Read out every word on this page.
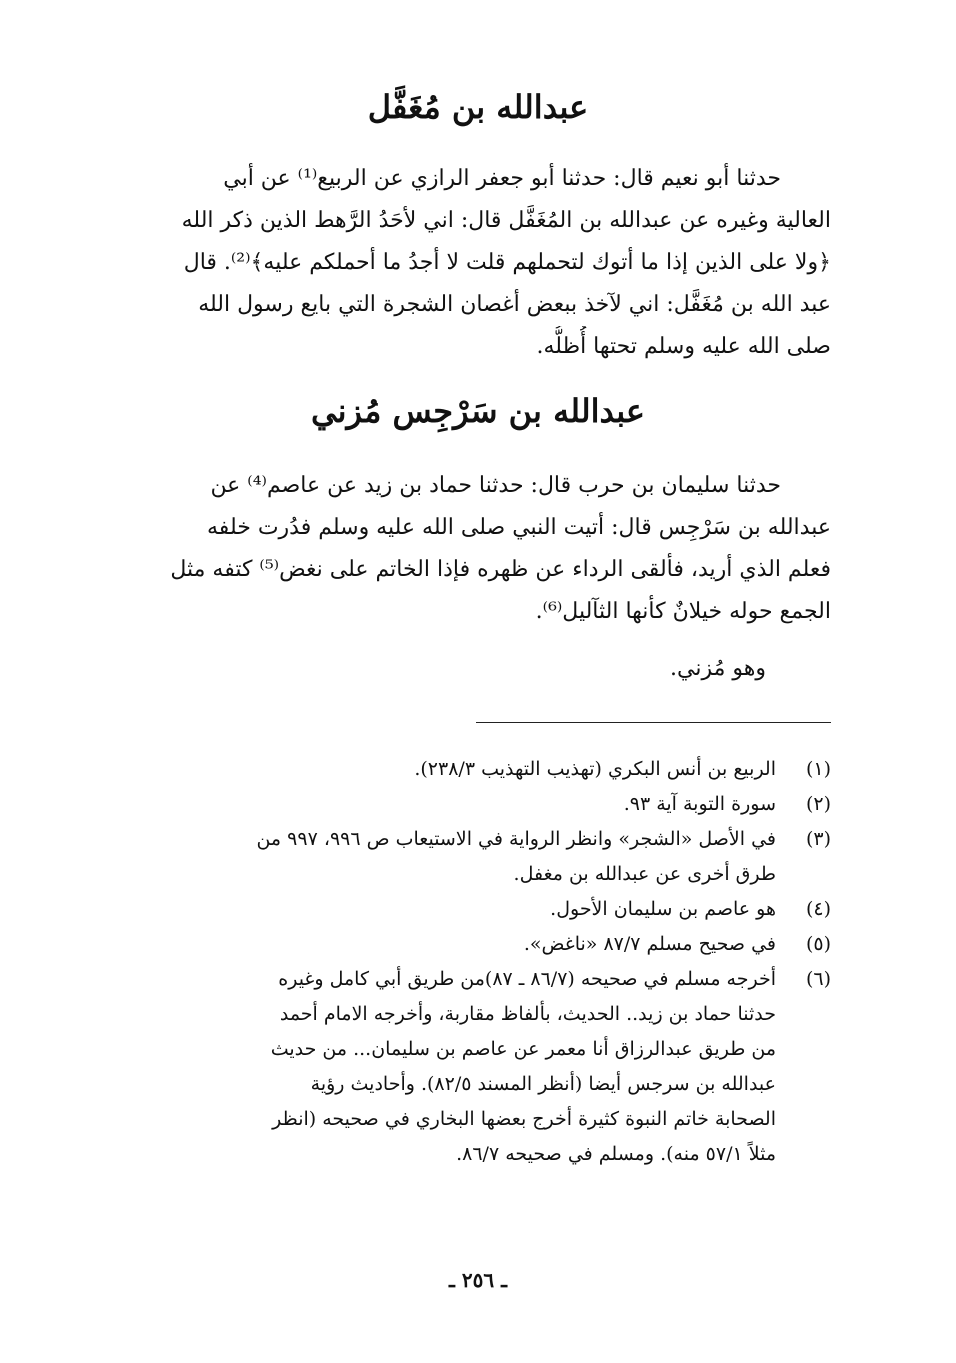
عبدالله بن مُغَفَّل
حدثنا أبو نعيم قال: حدثنا أبو جعفر الرازي عن الربيع⁽¹⁾ عن أبي
العالية وغيره عن عبدالله بن المُغَفَّل قال: اني لأحَدُ الرَّهط الذين ذكر الله
﴿ولا على الذين إذا ما أتوك لتحملهم قلت لا أجدُ ما أحملكم عليه﴾⁽²⁾. قال
عبد الله بن مُغَفَّل: اني لآخذ ببعض أغصان الشجرة التي بايع رسول الله
صلى الله عليه وسلم تحتها أُظلُّه.
عبدالله بن سَرْجِس مُزني
حدثنا سليمان بن حرب قال: حدثنا حماد بن زيد عن عاصم⁽⁴⁾ عن
عبدالله بن سَرْجِس قال: أتيت النبي صلى الله عليه وسلم فدُرت خلفه
فعلم الذي أريد، فألقى الرداء عن ظهره فإذا الخاتم على نغض⁽⁵⁾ كتفه مثل
الجمع حوله خيلانٌ كأنها الثآليل⁽⁶⁾.
وهو مُزني.
(١)
الربيع بن أنس البكري (تهذيب التهذيب ٢٣٨/٣).
(٢)
سورة التوبة آية ٩٣.
(٣)
في الأصل «الشجر» وانظر الرواية في الاستيعاب ص ٩٩٦، ٩٩٧ من
طرق أخرى عن عبدالله بن مغفل.
(٤)
هو عاصم بن سليمان الأحول.
(٥)
في صحيح مسلم ٨٧/٧ «ناغض».
(٦)
أخرجه مسلم في صحيحه (٨٦/٧ ـ ٨٧)من طريق أبي كامل وغيره
حدثنا حماد بن زيد.. الحديث، بألفاظ مقاربة، وأخرجه الامام أحمد
من طريق عبدالرزاق أنا معمر عن عاصم بن سليمان... من حديث
عبدالله بن سرجس أيضا (أنظر المسند ٨٢/٥). وأحاديث رؤية
الصحابة خاتم النبوة كثيرة أخرج بعضها البخاري في صحيحه (انظر
مثلاً ٥٧/١ منه). ومسلم في صحيحه ٨٦/٧.
ـ ٢٥٦ ـ
